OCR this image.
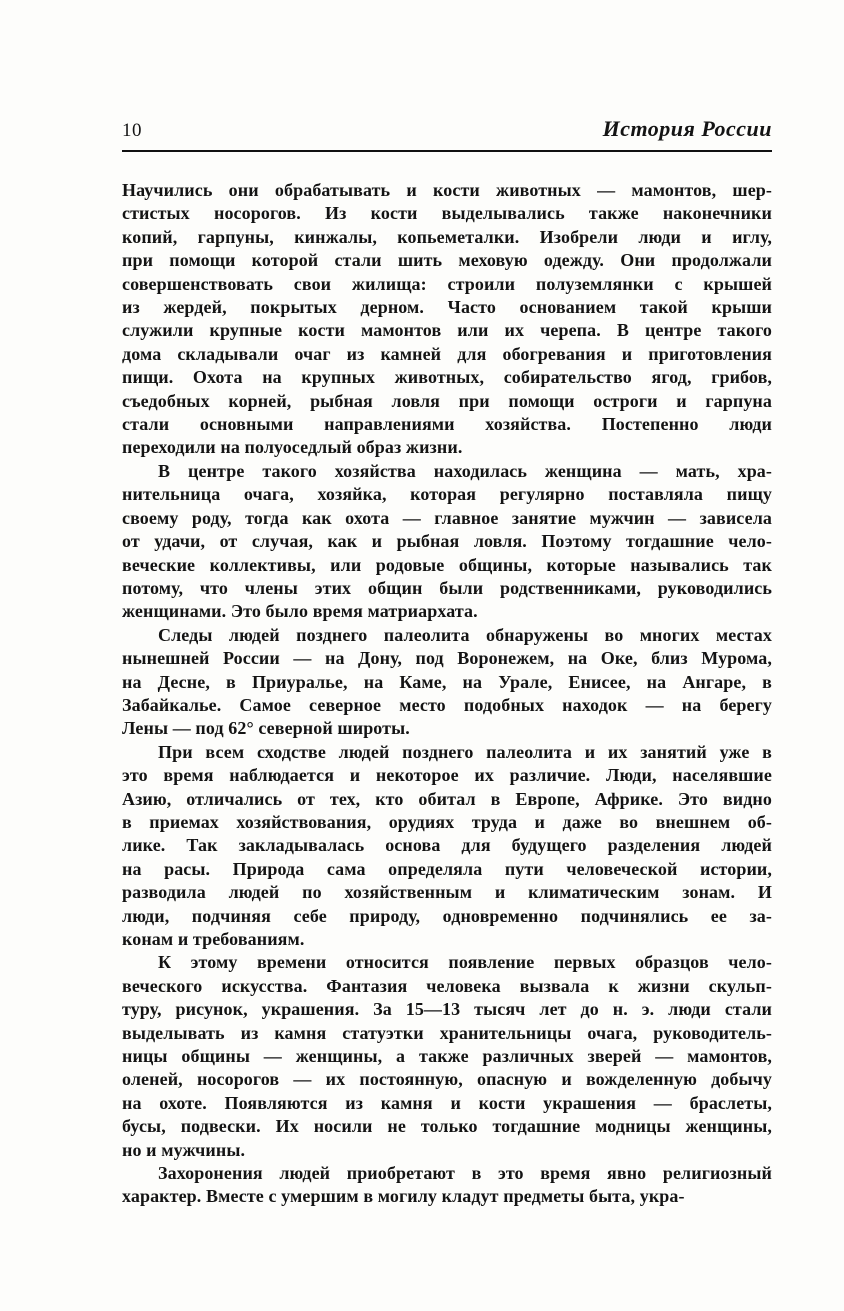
10	История России

Научились они обрабатывать и кости животных — мамонтов, шер-
стистых носорогов. Из кости выделывались также наконечники
копий, гарпуны, кинжалы, копьеметалки. Изобрели люди и иглу,
при помощи которой стали шить меховую одежду. Они продолжали
совершенствовать свои жилища: строили полуземлянки с крышей
из жердей, покрытых дерном. Часто основанием такой крыши
служили крупные кости мамонтов или их черепа. В центре такого
дома складывали очаг из камней для обогревания и приготовления
пищи. Охота на крупных животных, собирательство ягод, грибов,
съедобных корней, рыбная ловля при помощи остроги и гарпуна
стали основными направлениями хозяйства. Постепенно люди
переходили на полуоседлый образ жизни.

В центре такого хозяйства находилась женщина — мать, хра-
нительница очага, хозяйка, которая регулярно поставляла пищу
своему роду, тогда как охота — главное занятие мужчин — зависела
от удачи, от случая, как и рыбная ловля. Поэтому тогдашние чело-
веческие коллективы, или родовые общины, которые назывались так
потому, что члены этих общин были родственниками, руководились
женщинами. Это было время матриархата.

Следы людей позднего палеолита обнаружены во многих местах
нынешней России — на Дону, под Воронежем, на Оке, близ Мурома,
на Десне, в Приуралье, на Каме, на Урале, Енисее, на Ангаре, в
Забайкалье. Самое северное место подобных находок — на берегу
Лены — под 62° северной широты.

При всем сходстве людей позднего палеолита и их занятий уже в
это время наблюдается и некоторое их различие. Люди, населявшие
Азию, отличались от тех, кто обитал в Европе, Африке. Это видно
в приемах хозяйствования, орудиях труда и даже во внешнем об-
лике. Так закладывалась основа для будущего разделения людей
на расы. Природа сама определяла пути человеческой истории,
разводила людей по хозяйственным и климатическим зонам. И
люди, подчиняя себе природу, одновременно подчинялись ее за-
конам и требованиям.

К этому времени относится появление первых образцов чело-
веческого искусства. Фантазия человека вызвала к жизни скульп-
туру, рисунок, украшения. За 15—13 тысяч лет до н. э. люди стали
выделывать из камня статуэтки хранительницы очага, руководитель-
ницы общины — женщины, а также различных зверей — мамонтов,
оленей, носорогов — их постоянную, опасную и вожделенную добычу
на охоте. Появляются из камня и кости украшения — браслеты,
бусы, подвески. Их носили не только тогдашние модницы женщины,
но и мужчины.

Захоронения людей приобретают в это время явно религиозный
характер. Вместе с умершим в могилу кладут предметы быта, укра-
